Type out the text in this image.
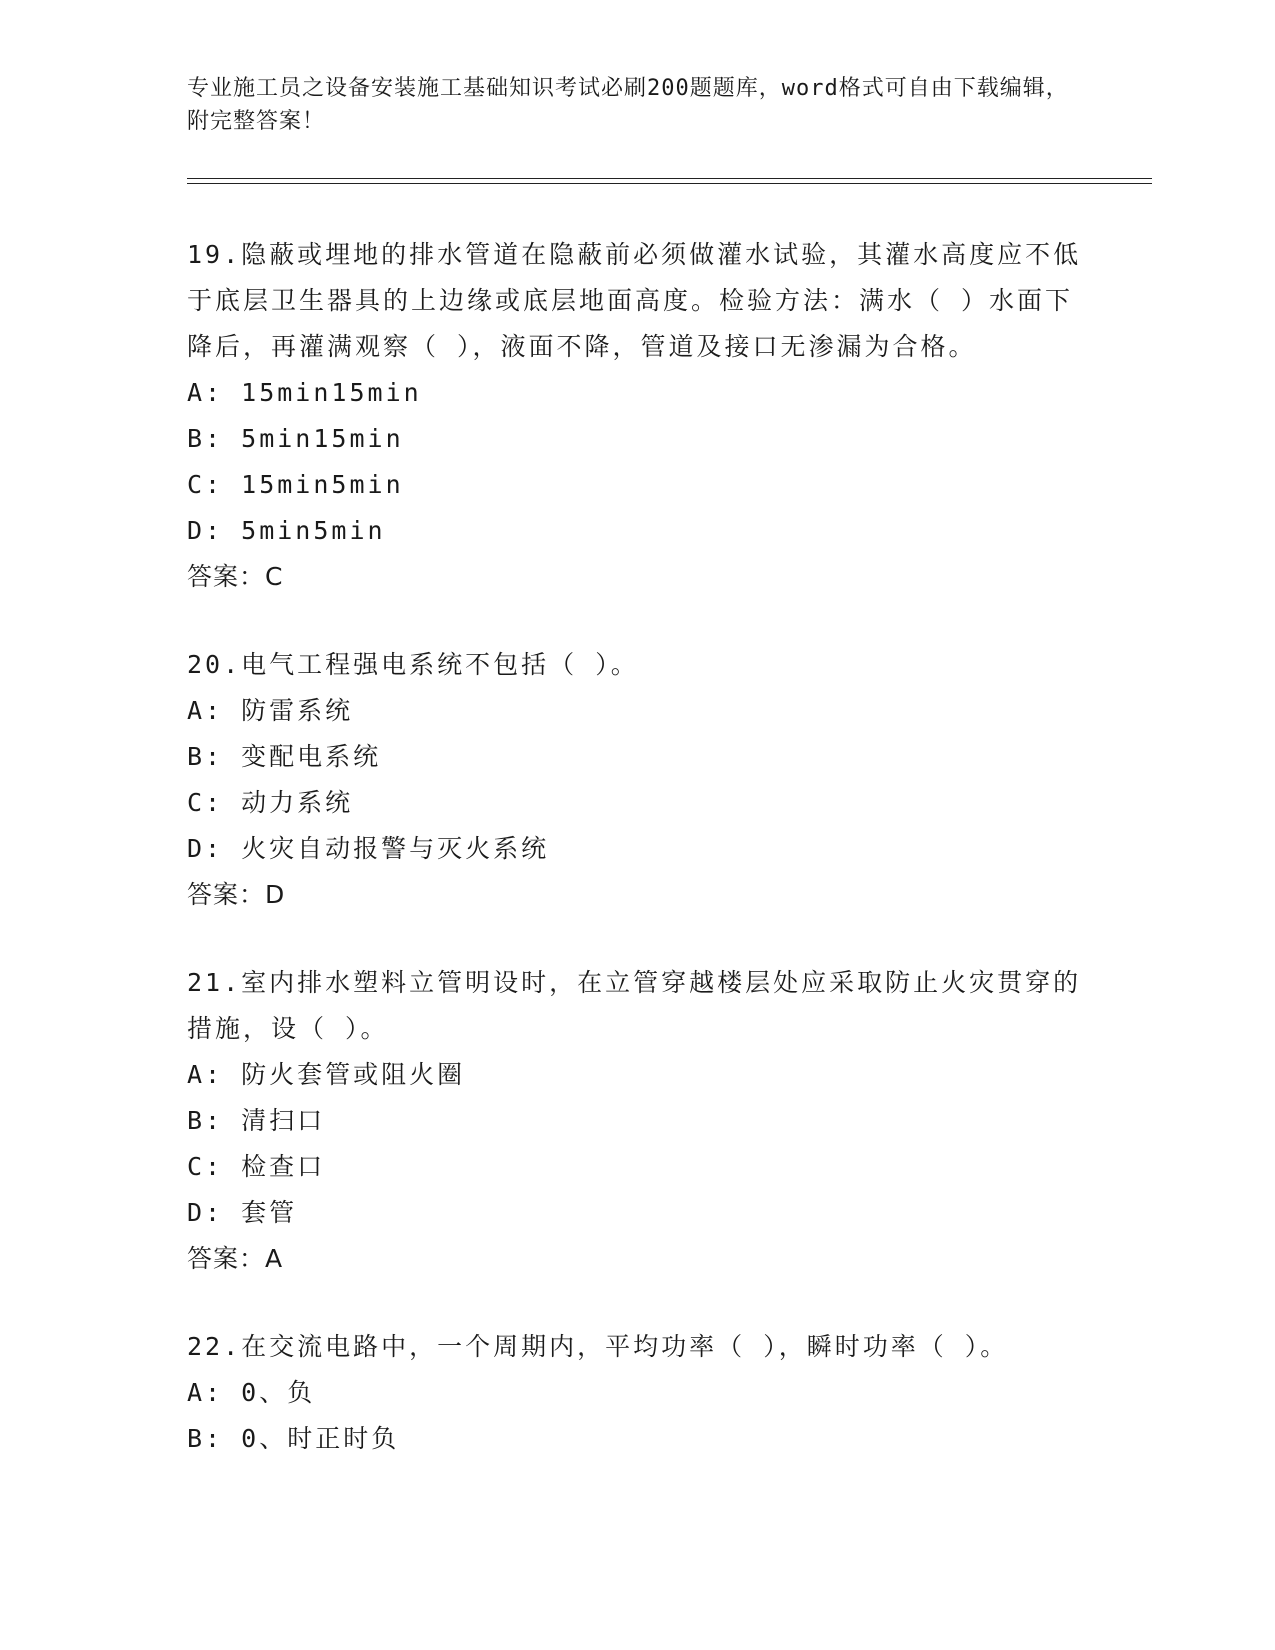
专业施工员之设备安装施工基础知识考试必刷200题题库，word格式可自由下载编辑，附完整答案！

19.隐蔽或埋地的排水管道在隐蔽前必须做灌水试验，其灌水高度应不低于底层卫生器具的上边缘或底层地面高度。检验方法：满水（ ）水面下降后，再灌满观察（ ），液面不降，管道及接口无渗漏为合格。

A: 15min15min

B: 5min15min

C: 15min5min

D: 5min5min

答案：C

20.电气工程强电系统不包括（ ）。

A: 防雷系统

B: 变配电系统

C: 动力系统

D: 火灾自动报警与灭火系统

答案：D

21.室内排水塑料立管明设时，在立管穿越楼层处应采取防止火灾贯穿的措施，设（ ）。

A: 防火套管或阻火圈

B: 清扫口

C: 检查口

D: 套管

答案：A

22.在交流电路中，一个周期内，平均功率（ ），瞬时功率（ ）。

A: 0、负

B: 0、时正时负
